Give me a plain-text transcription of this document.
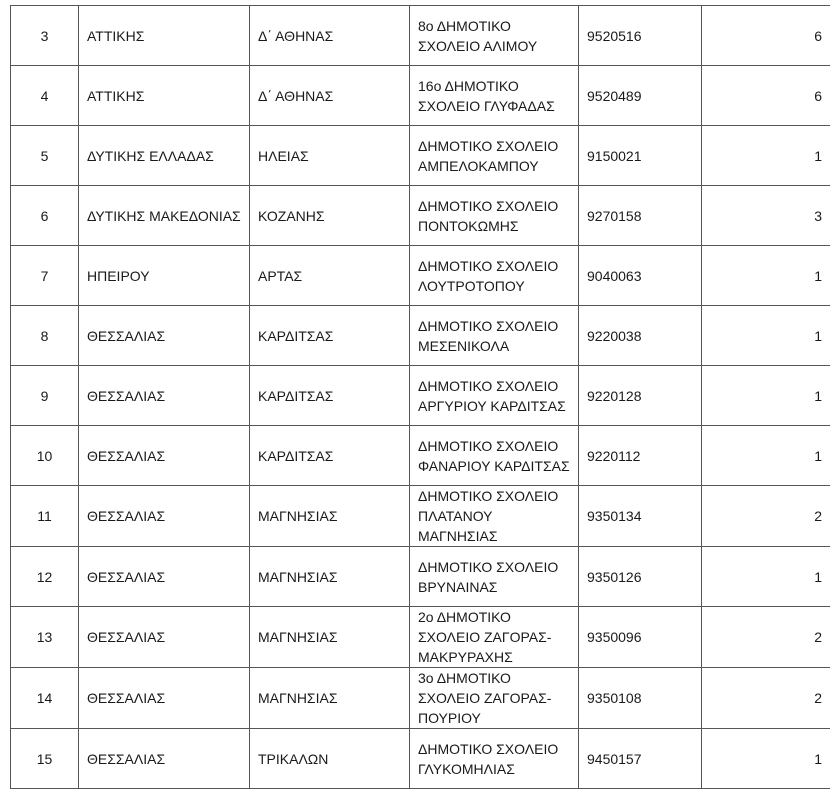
3	ΑΤΤΙΚΗΣ	Δ΄ ΑΘΗΝΑΣ	8ο ΔΗΜΟΤΙΚΟ ΣΧΟΛΕΙΟ ΑΛΙΜΟΥ	9520516	6
4	ΑΤΤΙΚΗΣ	Δ΄ ΑΘΗΝΑΣ	16ο ΔΗΜΟΤΙΚΟ ΣΧΟΛΕΙΟ ΓΛΥΦΑΔΑΣ	9520489	6
5	ΔΥΤΙΚΗΣ ΕΛΛΑΔΑΣ	ΗΛΕΙΑΣ	ΔΗΜΟΤΙΚΟ ΣΧΟΛΕΙΟ ΑΜΠΕΛΟΚΑΜΠΟΥ	9150021	1
6	ΔΥΤΙΚΗΣ ΜΑΚΕΔΟΝΙΑΣ	ΚΟΖΑΝΗΣ	ΔΗΜΟΤΙΚΟ ΣΧΟΛΕΙΟ ΠΟΝΤΟΚΩΜΗΣ	9270158	3
7	ΗΠΕΙΡΟΥ	ΑΡΤΑΣ	ΔΗΜΟΤΙΚΟ ΣΧΟΛΕΙΟ ΛΟΥΤΡΟΤΟΠΟΥ	9040063	1
8	ΘΕΣΣΑΛΙΑΣ	ΚΑΡΔΙΤΣΑΣ	ΔΗΜΟΤΙΚΟ ΣΧΟΛΕΙΟ ΜΕΣΕΝΙΚΟΛΑ	9220038	1
9	ΘΕΣΣΑΛΙΑΣ	ΚΑΡΔΙΤΣΑΣ	ΔΗΜΟΤΙΚΟ ΣΧΟΛΕΙΟ ΑΡΓΥΡΙΟΥ ΚΑΡΔΙΤΣΑΣ	9220128	1
10	ΘΕΣΣΑΛΙΑΣ	ΚΑΡΔΙΤΣΑΣ	ΔΗΜΟΤΙΚΟ ΣΧΟΛΕΙΟ ΦΑΝΑΡΙΟΥ ΚΑΡΔΙΤΣΑΣ	9220112	1
11	ΘΕΣΣΑΛΙΑΣ	ΜΑΓΝΗΣΙΑΣ	ΔΗΜΟΤΙΚΟ ΣΧΟΛΕΙΟ ΠΛΑΤΑΝΟΥ ΜΑΓΝΗΣΙΑΣ	9350134	2
12	ΘΕΣΣΑΛΙΑΣ	ΜΑΓΝΗΣΙΑΣ	ΔΗΜΟΤΙΚΟ ΣΧΟΛΕΙΟ ΒΡΥΝΑΙΝΑΣ	9350126	1
13	ΘΕΣΣΑΛΙΑΣ	ΜΑΓΝΗΣΙΑΣ	2ο ΔΗΜΟΤΙΚΟ ΣΧΟΛΕΙΟ ΖΑΓΟΡΑΣ- ΜΑΚΡΥΡΑΧΗΣ	9350096	2
14	ΘΕΣΣΑΛΙΑΣ	ΜΑΓΝΗΣΙΑΣ	3ο ΔΗΜΟΤΙΚΟ ΣΧΟΛΕΙΟ ΖΑΓΟΡΑΣ- ΠΟΥΡΙΟΥ	9350108	2
15	ΘΕΣΣΑΛΙΑΣ	ΤΡΙΚΑΛΩΝ	ΔΗΜΟΤΙΚΟ ΣΧΟΛΕΙΟ ΓΛΥΚΟΜΗΛΙΑΣ	9450157	1
